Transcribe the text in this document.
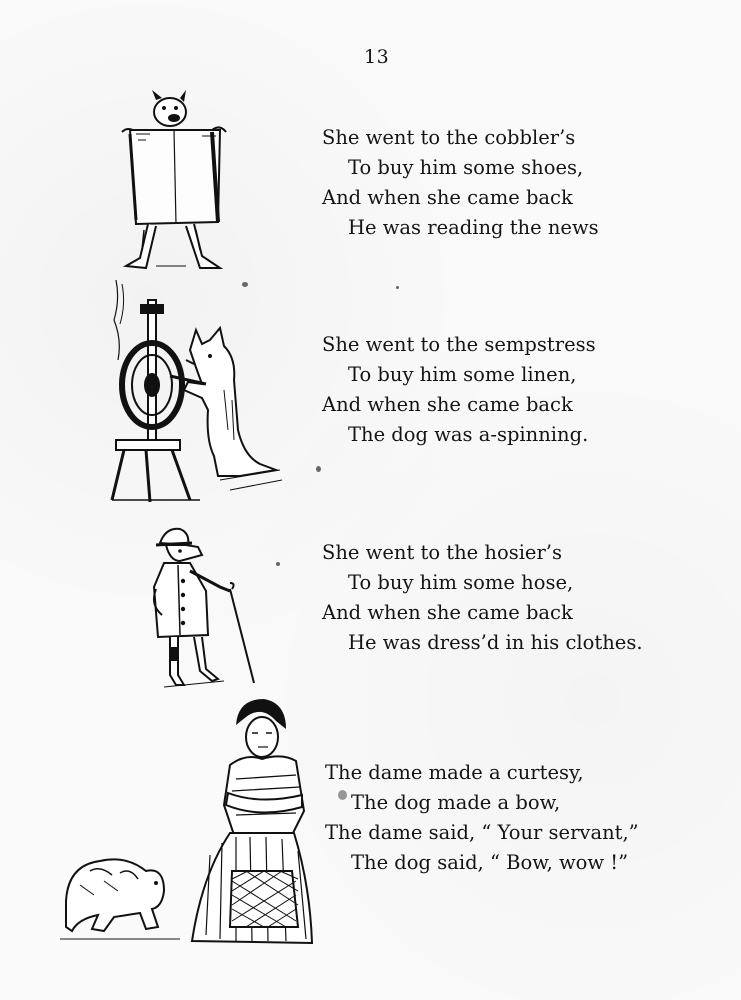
13
She went to the cobbler’s
To buy him some shoes,
And when she came back
He was reading the news
She went to the sempstress
To buy him some linen,
And when she came back
The dog was a-spinning.
She went to the hosier’s
To buy him some hose,
And when she came back
He was dress’d in his clothes.
The dame made a curtesy,
The dog made a bow,
The dame said, “ Your servant,”
The dog said, “ Bow, wow !”
